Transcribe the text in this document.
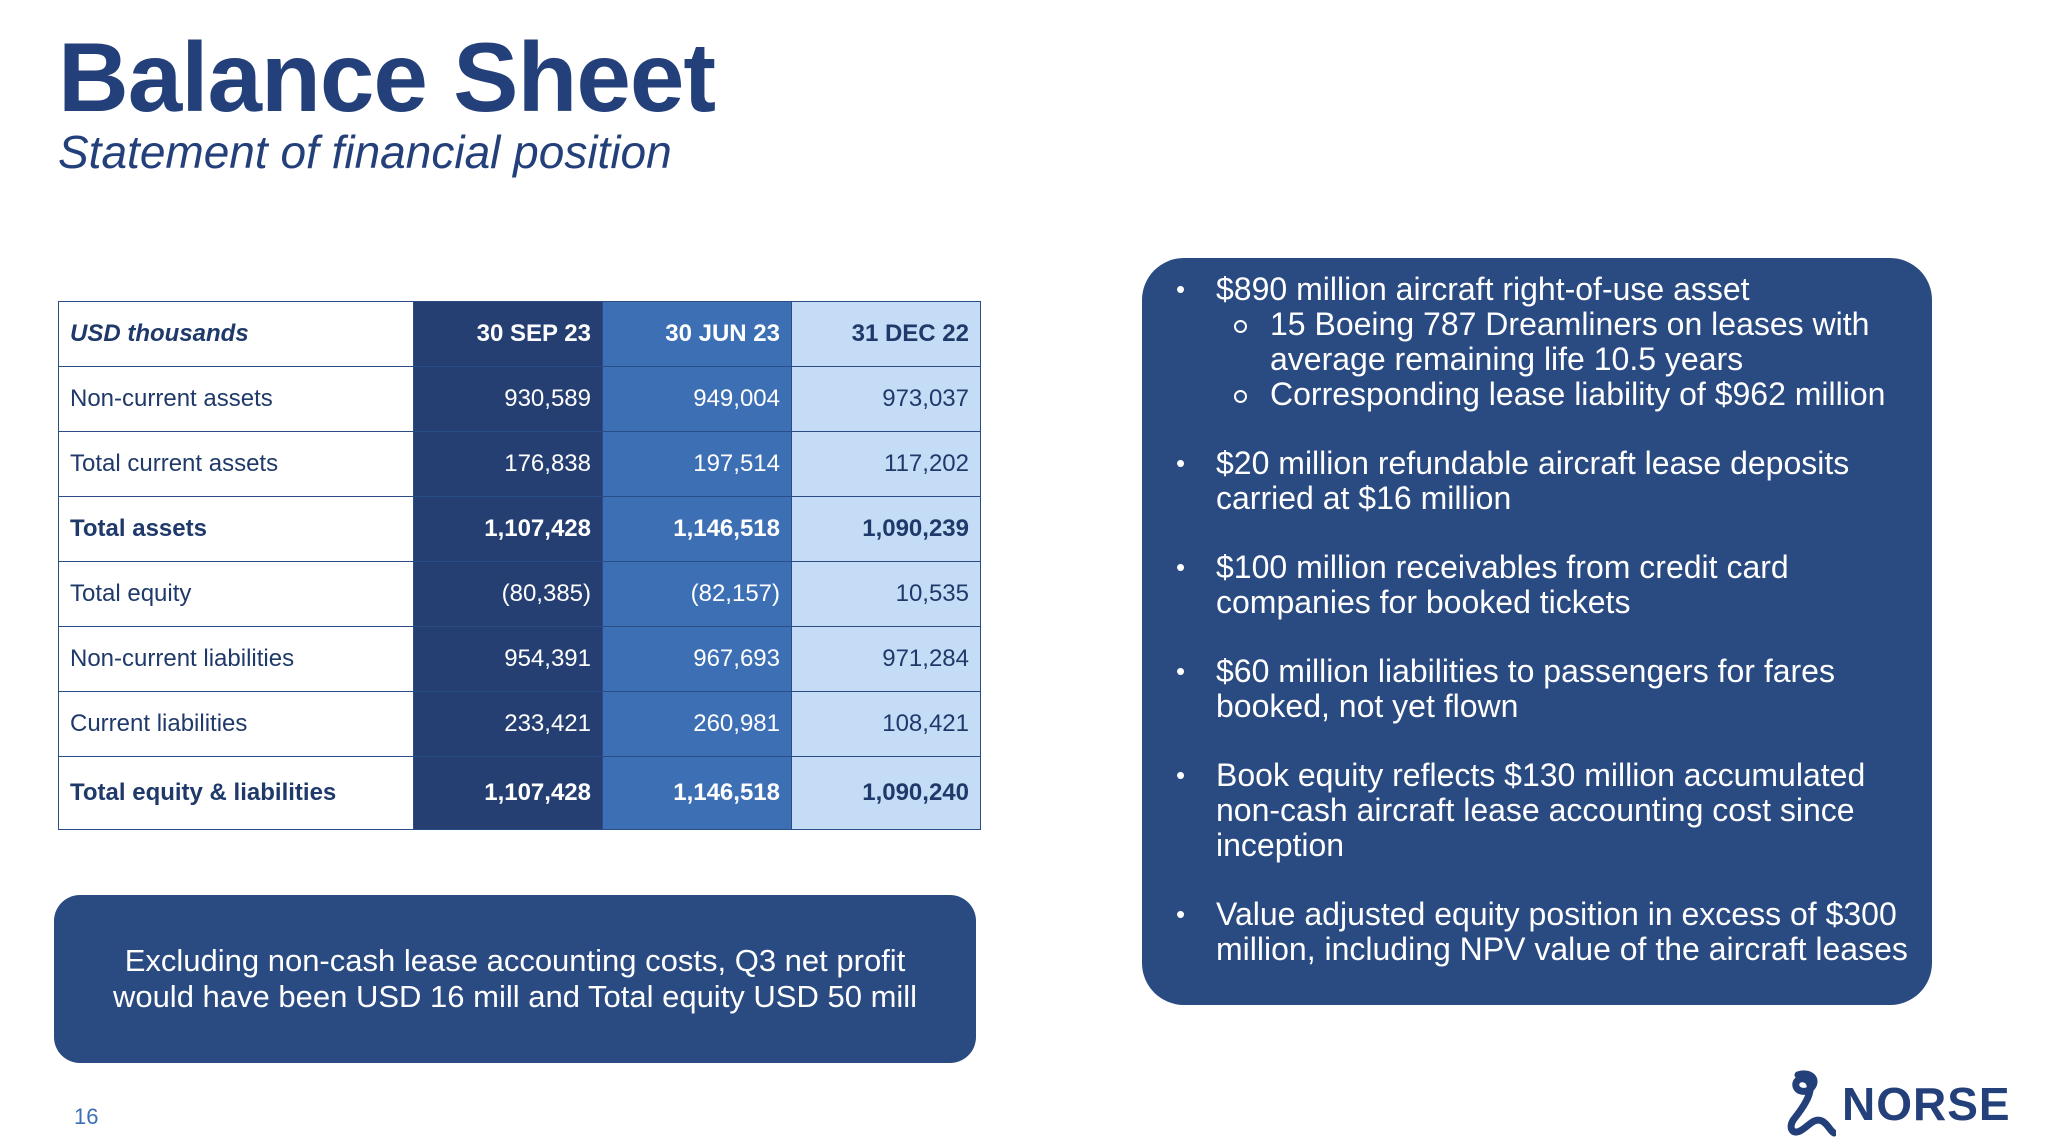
Balance Sheet
Statement of financial position
USD thousands	30 SEP 23	30 JUN 23	31 DEC 22
Non-current assets	930,589	949,004	973,037
Total current assets	176,838	197,514	117,202
Total assets	1,107,428	1,146,518	1,090,239
Total equity	(80,385)	(82,157)	10,535
Non-current liabilities	954,391	967,693	971,284
Current liabilities	233,421	260,981	108,421
Total equity & liabilities	1,107,428	1,146,518	1,090,240
Excluding non-cash lease accounting costs, Q3 net profit would have been USD 16 mill and Total equity USD 50 mill
• $890 million aircraft right-of-use asset
15 Boeing 787 Dreamliners on leases with average remaining life 10.5 years
Corresponding lease liability of $962 million
• $20 million refundable aircraft lease deposits carried at $16 million
• $100 million receivables from credit card companies for booked tickets
• $60 million liabilities to passengers for fares booked, not yet flown
• Book equity reflects $130 million accumulated non-cash aircraft lease accounting cost since inception
• Value adjusted equity position in excess of $300 million, including NPV value of the aircraft leases
16	NORSE
